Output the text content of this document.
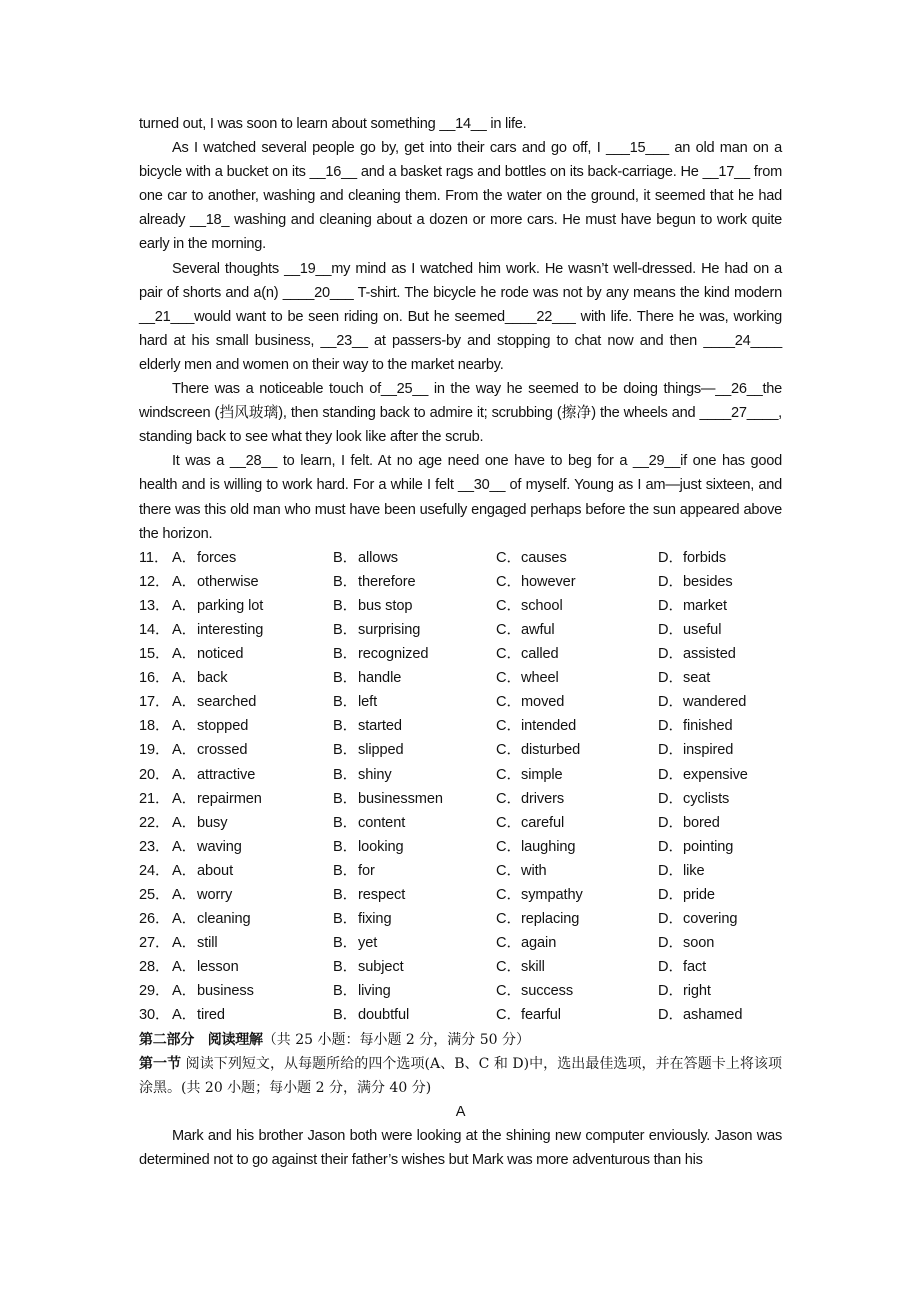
turned out, I was soon to learn about something __14__ in life.

As I watched several people go by, get into their cars and go off, I ___15___ an old man on a bicycle with a bucket on its __16__ and a basket rags and bottles on its back-carriage. He __17__ from one car to another, washing and cleaning them. From the water on the ground, it seemed that he had already __18_ washing and cleaning about a dozen or more cars. He must have begun to work quite early in the morning.

Several thoughts __19__my mind as I watched him work. He wasn’t well-dressed. He had on a pair of shorts and a(n) ____20___ T-shirt. The bicycle he rode was not by any means the kind modern __21___would want to be seen riding on. But he seemed____22___ with life. There he was, working hard at his small business, __23__ at passers-by and stopping to chat now and then ____24____ elderly men and women on their way to the market nearby.

There was a noticeable touch of__25__ in the way he seemed to be doing things—__26__the windscreen (挡风玻璃), then standing back to admire it; scrubbing (擦净) the wheels and ____27____, standing back to see what they look like after the scrub.

It was a __28__ to learn, I felt. At no age need one have to beg for a __29__if one has good health and is willing to work hard. For a while I felt __30__ of myself. Young as I am—just sixteen, and there was this old man who must have been usefully engaged perhaps before the sun appeared above the horizon.

11． A． forces	B． allows	C． causes	D． forbids
12． A． otherwise	B． therefore	C． however	D． besides
13． A． parking lot	B． bus stop	C． school	D． market
14． A． interesting	B． surprising	C． awful	D． useful
15． A． noticed	B． recognized	C． called	D． assisted
16． A． back	B． handle	C． wheel	D． seat
17． A． searched	B． left	C． moved	D． wandered
18． A． stopped	B． started	C． intended	D． finished
19． A． crossed	B． slipped	C． disturbed	D． inspired
20． A． attractive	B． shiny	C． simple	D． expensive
21． A． repairmen	B． businessmen	C． drivers	D． cyclists
22． A． busy	B． content	C． careful	D． bored
23． A． waving	B． looking	C． laughing	D． pointing
24． A． about	B． for	C． with	D． like
25． A． worry	B． respect	C． sympathy	D． pride
26． A． cleaning	B． fixing	C． replacing	D． covering
27． A． still	B． yet	C． again	D． soon
28． A． lesson	B． subject	C． skill	D． fact
29． A． business	B． living	C． success	D． right
30． A． tired	B． doubtful	C． fearful	D． ashamed
第二部分　阅读理解（共 25 小题：每小题 2 分，满分 50 分）
第一节 阅读下列短文，从每题所给的四个选项(A、B、C 和 D)中，选出最佳选项，并在答题卡上将该项涂黑。(共 20 小题；每小题 2 分，满分 40 分)
A

Mark and his brother Jason both were looking at the shining new computer enviously. Jason was determined not to go against their father’s wishes but Mark was more adventurous than his
